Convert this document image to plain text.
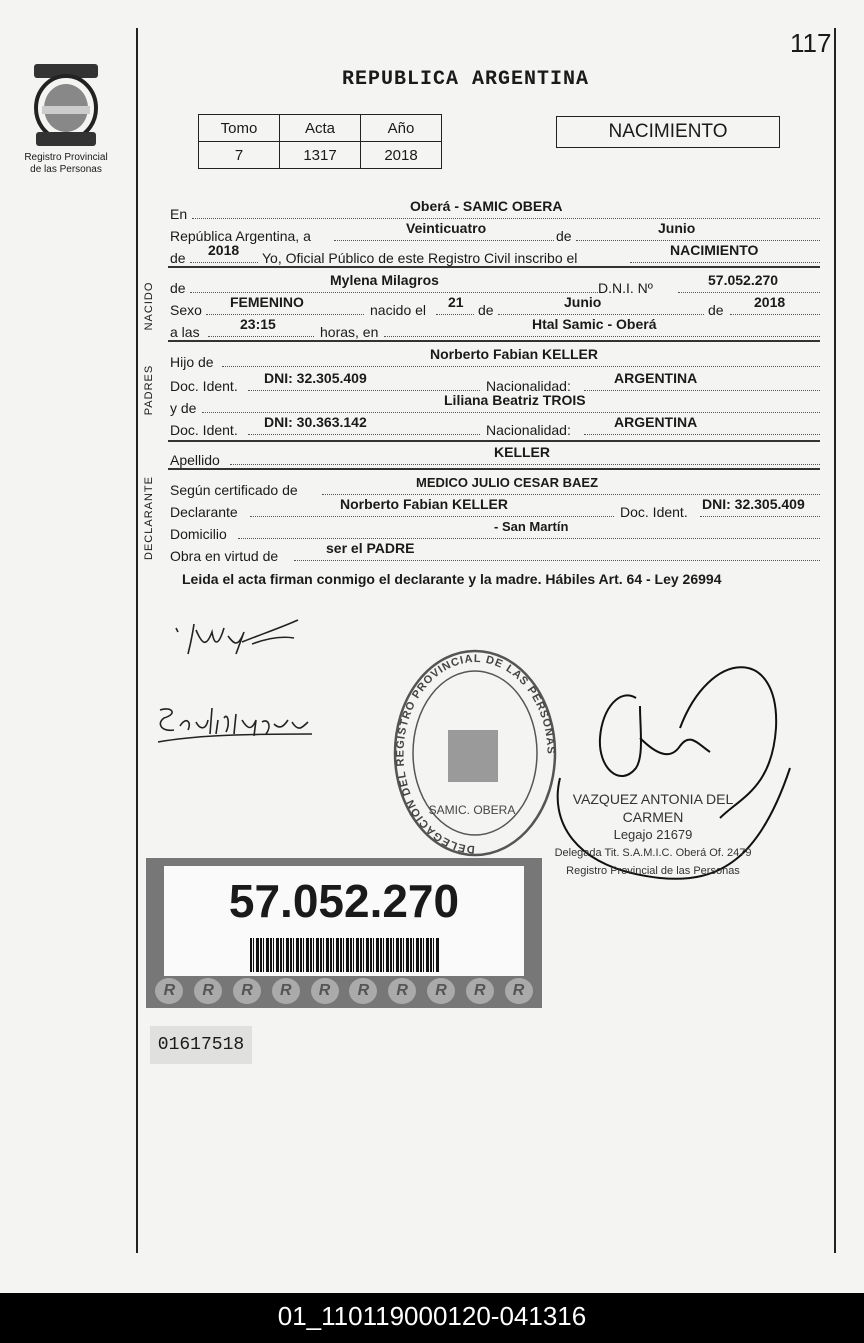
117
Registro Provincial
de las Personas
REPUBLICA ARGENTINA
Tomo	Acta	Año
7	1317	2018
NACIMIENTO
En	Oberá - SAMIC OBERA
República Argentina, a	Veinticuatro	de	Junio
de 2018 Yo, Oficial Público de este Registro Civil inscribo el	NACIMIENTO
NACIDO de	Mylena Milagros	D.N.I. Nº	57.052.270
Sexo FEMENINO	nacido el 21 de	Junio	de 2018
a las	23:15	horas, en	Htal Samic - Oberá
PADRES
Hijo de	Norberto Fabian KELLER
Doc. Ident. DNI: 32.305.409	Nacionalidad:	ARGENTINA
y de	Liliana Beatriz TROIS
Doc. Ident. DNI: 30.363.142	Nacionalidad:	ARGENTINA
Apellido	KELLER
DECLARANTE Según certificado de	MEDICO JULIO CESAR BAEZ
Declarante	Norberto Fabian KELLER	Doc. Ident. DNI: 32.305.409
Domicilio	- San Martín
Obra en virtud de	ser el PADRE
Leida el acta firman conmigo el declarante y la madre. Hábiles Art. 64 - Ley 26994
DELEGACIÓN DEL REGISTRO PROVINCIAL DE LAS PERSONAS
SAMIC. OBERA
VAZQUEZ ANTONIA DEL CARMEN
Legajo 21679
Delegada Tit. S.A.M.I.C. Oberá Of. 2479
Registro Provincial de las Personas
57.052.270
R	R	R	R	R	R	R	R	R	R
01617518
01_110119000120-041316
